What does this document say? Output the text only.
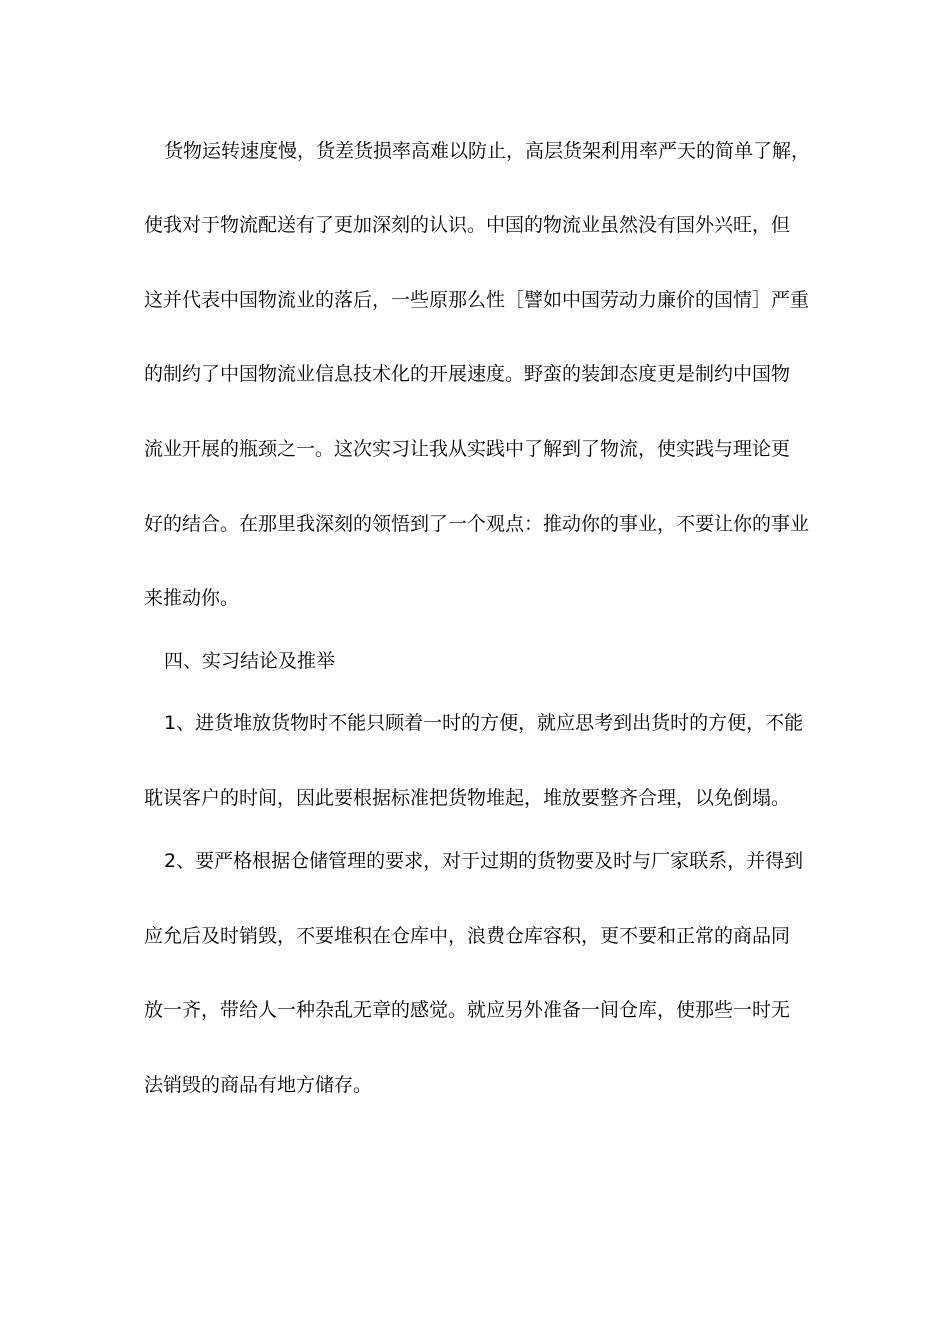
货物运转速度慢，货差货损率高难以防止，高层货架利用率严天的简单了解，
使我对于物流配送有了更加深刻的认识。中国的物流业虽然没有国外兴旺，但
这并代表中国物流业的落后，一些原那么性［譬如中国劳动力廉价的国情］严重
的制约了中国物流业信息技术化的开展速度。野蛮的装卸态度更是制约中国物
流业开展的瓶颈之一。这次实习让我从实践中了解到了物流，使实践与理论更
好的结合。在那里我深刻的领悟到了一个观点：推动你的事业，不要让你的事业
来推动你。
四、实习结论及推举
1、进货堆放货物时不能只顾着一时的方便，就应思考到出货时的方便，不能
耽误客户的时间，因此要根据标准把货物堆起，堆放要整齐合理，以免倒塌。
2、要严格根据仓储管理的要求，对于过期的货物要及时与厂家联系，并得到
应允后及时销毁，不要堆积在仓库中，浪费仓库容积，更不要和正常的商品同
放一齐，带给人一种杂乱无章的感觉。就应另外准备一间仓库，使那些一时无
法销毁的商品有地方储存。
